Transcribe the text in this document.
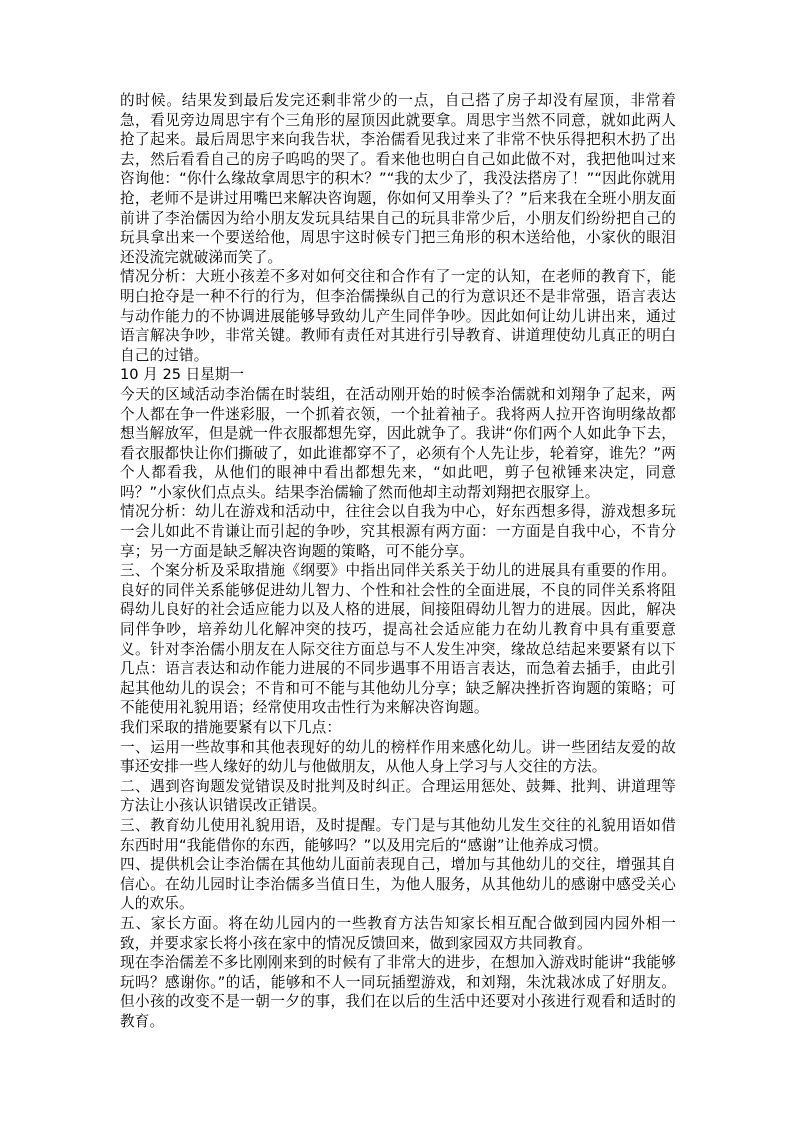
的时候。结果发到最后发完还剩非常少的一点，自己搭了房子却没有屋顶，非常着急，看见旁边周思宇有个三角形的屋顶因此就要拿。周思宇当然不同意，就如此两人抢了起来。最后周思宇来向我告状，李治儒看见我过来了非常不快乐得把积木扔了出去，然后看看自己的房子呜呜的哭了。看来他也明白自己如此做不对，我把他叫过来咨询他：“你什么缘故拿周思宇的积木？”“我的太少了，我没法搭房了！”“因此你就用抢，老师不是讲过用嘴巴来解决咨询题，你如何又用拳头了？”后来我在全班小朋友面前讲了李治儒因为给小朋友发玩具结果自己的玩具非常少后，小朋友们纷纷把自己的玩具拿出来一个要送给他，周思宇这时候专门把三角形的积木送给他，小家伙的眼泪还没流完就破涕而笑了。

情况分析：大班小孩差不多对如何交往和合作有了一定的认知，在老师的教育下，能明白抢夺是一种不行的行为，但李治儒操纵自己的行为意识还不是非常强，语言表达与动作能力的不协调进展能够导致幼儿产生同伴争吵。因此如何让幼儿讲出来，通过语言解决争吵，非常关键。教师有责任对其进行引导教育、讲道理使幼儿真正的明白自己的过错。

10 月 25 日星期一

今天的区域活动李治儒在时装组，在活动刚开始的时候李治儒就和刘翔争了起来，两个人都在争一件迷彩服，一个抓着衣领，一个扯着袖子。我将两人拉开咨询明缘故都想当解放军，但是就一件衣服都想先穿，因此就争了。我讲“你们两个人如此争下去，看衣服都快让你们撕破了，如此谁都穿不了，必须有个人先让步，轮着穿，谁先？”两个人都看我，从他们的眼神中看出都想先来，“如此吧，剪子包袱锤来决定，同意吗？”小家伙们点点头。结果李治儒输了然而他却主动帮刘翔把衣服穿上。

情况分析：幼儿在游戏和活动中，往往会以自我为中心，好东西想多得，游戏想多玩一会儿如此不肯谦让而引起的争吵，究其根源有两方面：一方面是自我中心，不肯分享；另一方面是缺乏解决咨询题的策略，可不能分享。

三、个案分析及采取措施《纲要》中指出同伴关系关于幼儿的进展具有重要的作用。良好的同伴关系能够促进幼儿智力、个性和社会性的全面进展，不良的同伴关系将阻碍幼儿良好的社会适应能力以及人格的进展，间接阻碍幼儿智力的进展。因此，解决同伴争吵，培养幼儿化解冲突的技巧，提高社会适应能力在幼儿教育中具有重要意义。针对李治儒小朋友在人际交往方面总与不人发生冲突，缘故总结起来要紧有以下几点：语言表达和动作能力进展的不同步遇事不用语言表达，而急着去插手，由此引起其他幼儿的误会；不肯和可不能与其他幼儿分享；缺乏解决挫折咨询题的策略；可不能使用礼貌用语；经常使用攻击性行为来解决咨询题。

我们采取的措施要紧有以下几点：

一、运用一些故事和其他表现好的幼儿的榜样作用来感化幼儿。讲一些团结友爱的故事还安排一些人缘好的幼儿与他做朋友，从他人身上学习与人交往的方法。

二、遇到咨询题发觉错误及时批判及时纠正。合理运用惩处、鼓舞、批判、讲道理等方法让小孩认识错误改正错误。

三、教育幼儿使用礼貌用语，及时提醒。专门是与其他幼儿发生交往的礼貌用语如借东西时用“我能借你的东西，能够吗？”以及用完后的“感谢”让他养成习惯。

四、提供机会让李治儒在其他幼儿面前表现自己，增加与其他幼儿的交往，增强其自信心。在幼儿园时让李治儒多当值日生，为他人服务，从其他幼儿的感谢中感受关心人的欢乐。

五、家长方面。将在幼儿园内的一些教育方法告知家长相互配合做到园内园外相一致，并要求家长将小孩在家中的情况反馈回来，做到家园双方共同教育。

现在李治儒差不多比刚刚来到的时候有了非常大的进步，在想加入游戏时能讲“我能够玩吗？感谢你。”的话，能够和不人一同玩插塑游戏，和刘翔，朱沈栽冰成了好朋友。但小孩的改变不是一朝一夕的事，我们在以后的生活中还要对小孩进行观看和适时的教育。
